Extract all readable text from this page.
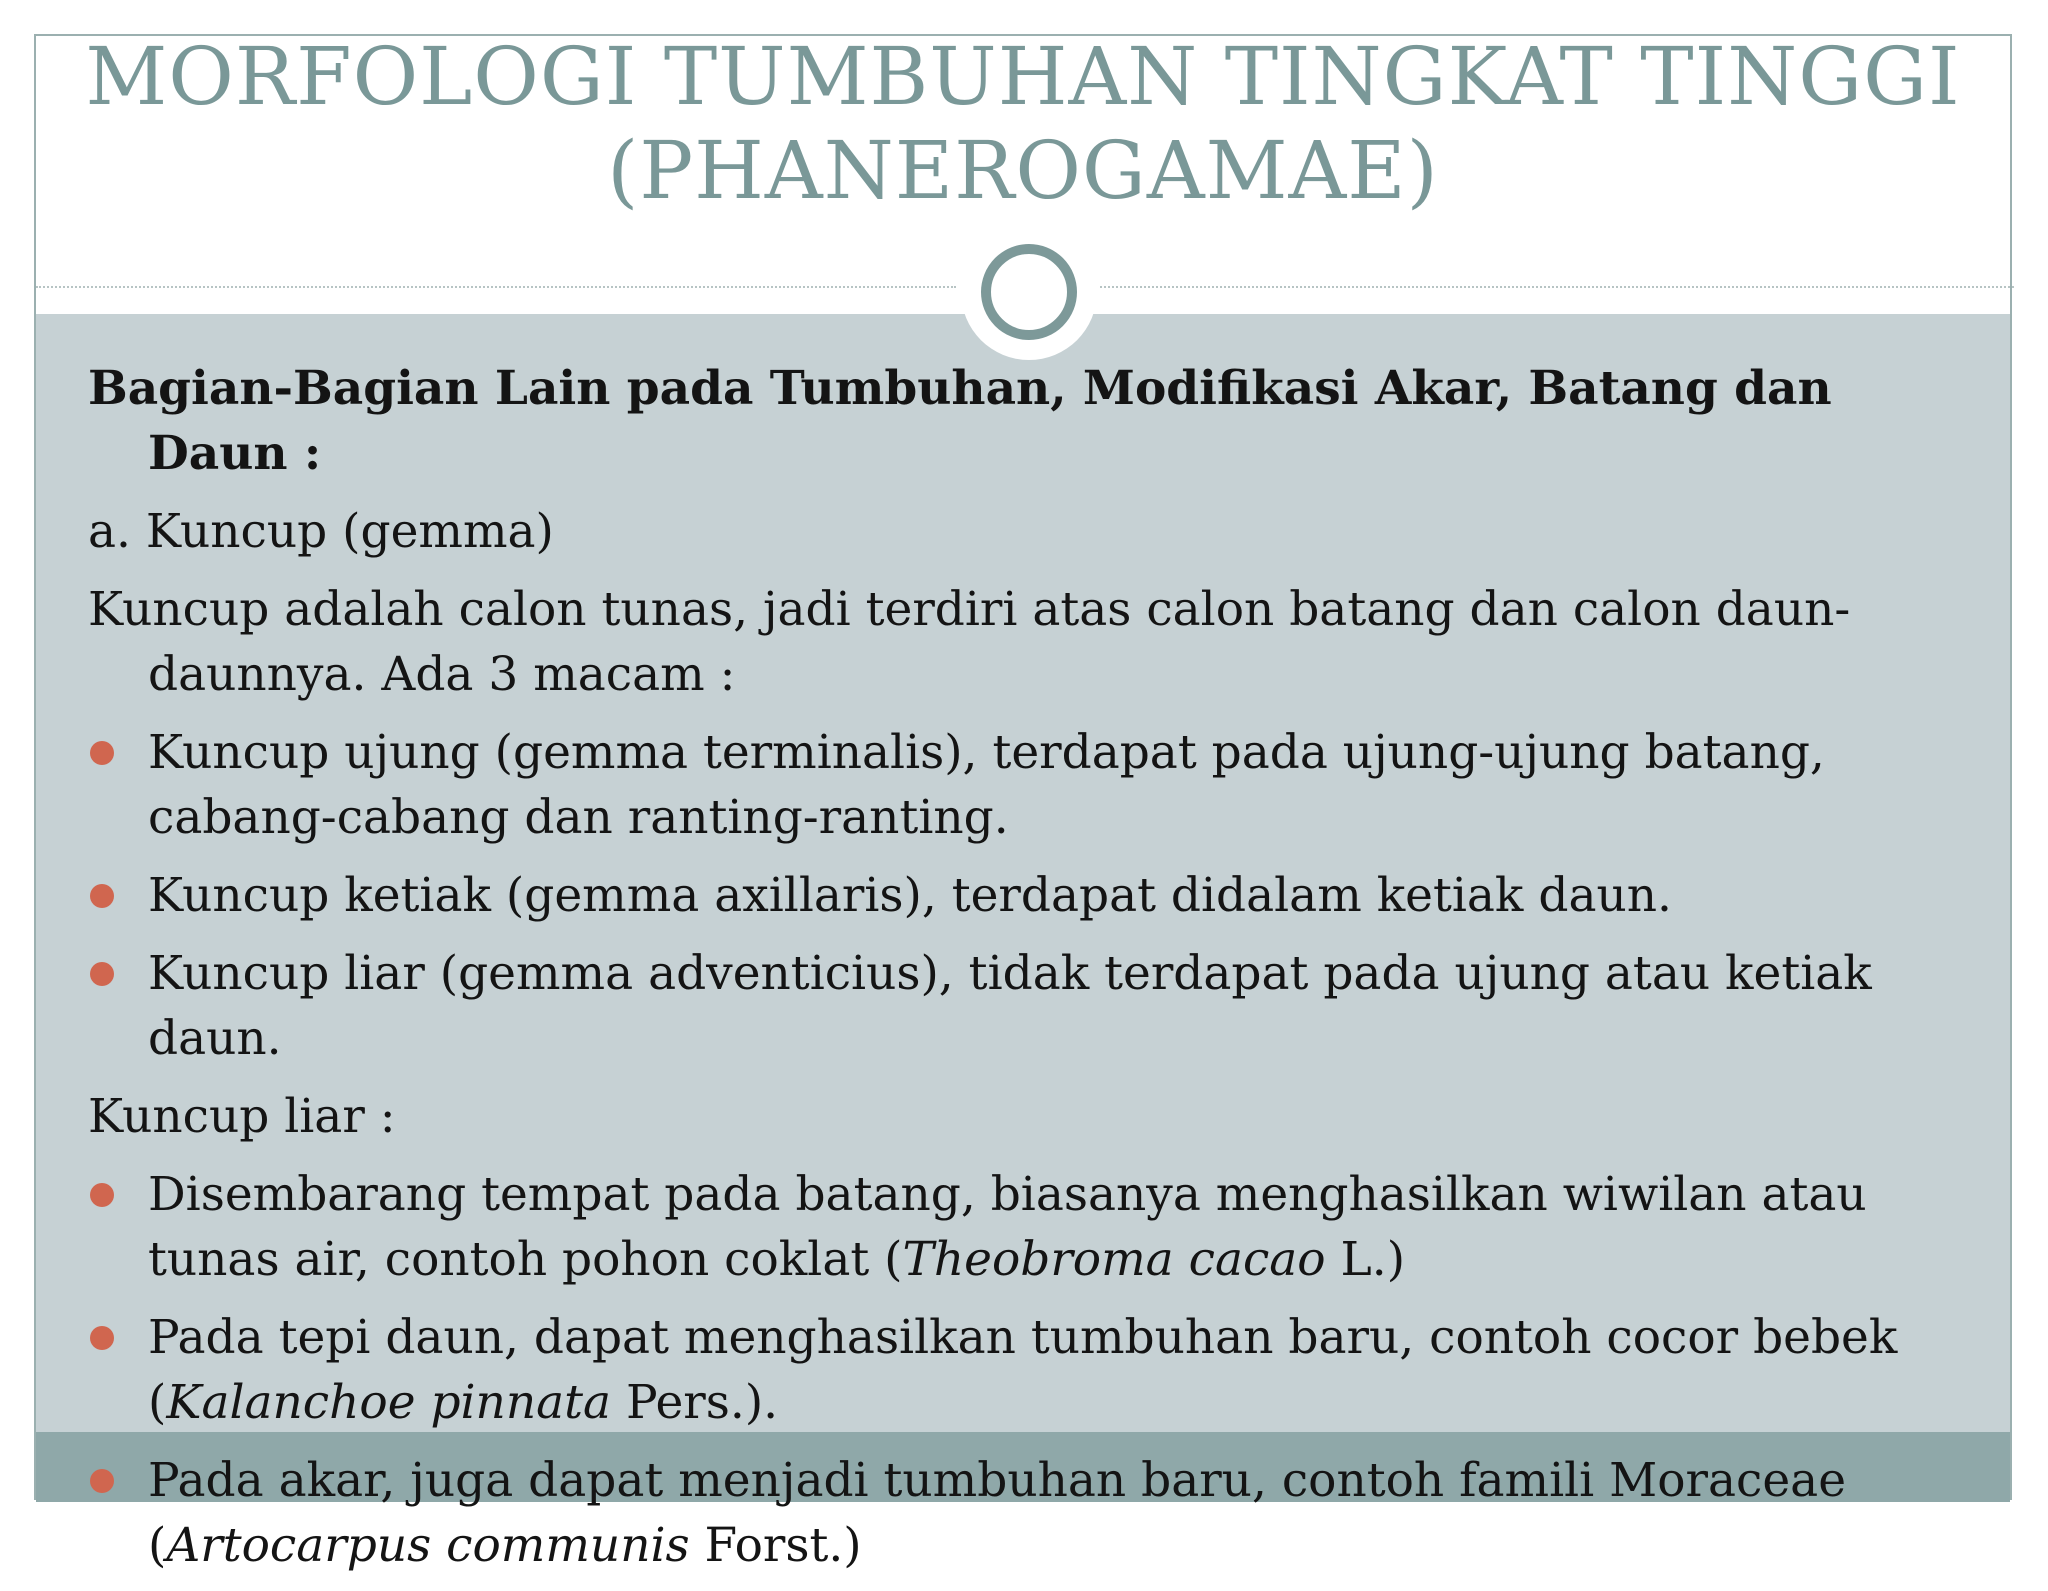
MORFOLOGI TUMBUHAN TINGKAT TINGGI
(PHANEROGAMAE)

Bagian-Bagian Lain pada Tumbuhan, Modifikasi Akar, Batang dan Daun :

a. Kuncup (gemma)

Kuncup adalah calon tunas, jadi terdiri atas calon batang dan calon daun-daunnya. Ada 3 macam :

Kuncup ujung (gemma terminalis), terdapat pada ujung-ujung batang, cabang-cabang dan ranting-ranting.
Kuncup ketiak (gemma axillaris), terdapat didalam ketiak daun.
Kuncup liar (gemma adventicius), tidak terdapat pada ujung atau ketiak daun.

Kuncup liar :

Disembarang tempat pada batang, biasanya menghasilkan wiwilan atau tunas air, contoh pohon coklat (Theobroma cacao L.)
Pada tepi daun, dapat menghasilkan tumbuhan baru, contoh cocor bebek (Kalanchoe pinnata Pers.).
Pada akar, juga dapat menjadi tumbuhan baru, contoh famili Moraceae (Artocarpus communis Forst.)
